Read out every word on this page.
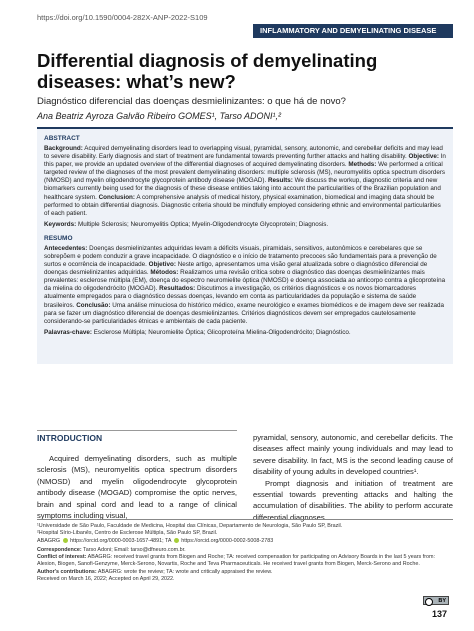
https://doi.org/10.1590/0004-282X-ANP-2022-S109
INFLAMMATORY AND DEMYELINATING DISEASE
Differential diagnosis of demyelinating diseases: what’s new?
Diagnóstico diferencial das doenças desmielinizantes: o que há de novo?
Ana Beatriz Ayroza Galvão Ribeiro GOMES¹, Tarso ADONI¹,²
ABSTRACT
Background: Acquired demyelinating disorders lead to overlapping visual, pyramidal, sensory, autonomic, and cerebellar deficits and may lead to severe disability. Early diagnosis and start of treatment are fundamental towards preventing further attacks and halting disability. Objective: In this paper, we provide an updated overview of the differential diagnoses of acquired demyelinating disorders. Methods: We performed a critical targeted review of the diagnoses of the most prevalent demyelinating disorders: multiple sclerosis (MS), neuromyelitis optica spectrum disorders (NMOSD) and myelin oligodendrocyte glycoprotein antibody disease (MOGAD). Results: We discuss the workup, diagnostic criteria and new biomarkers currently being used for the diagnosis of these disease entities taking into account the particularities of the Brazilian population and healthcare system. Conclusion: A comprehensive analysis of medical history, physical examination, biomedical and imaging data should be performed to obtain differential diagnosis. Diagnostic criteria should be mindfully employed considering ethnic and environmental particularities of each patient.
Keywords: Multiple Sclerosis; Neuromyelitis Optica; Myelin-Oligodendrocyte Glycoprotein; Diagnosis.
RESUMO
Antecedentes: Doenças desmielinizantes adquiridas levam a déficits visuais, piramidais, sensitivos, autonômicos e cerebelares que se sobrepõem e podem conduzir a grave incapacidade. O diagnóstico e o início de tratamento precoces são fundamentais para a prevenção de surtos e ocorrência de incapacidade. Objetivo: Neste artigo, apresentamos uma visão geral atualizada sobre o diagnóstico diferencial de doenças desmielinizantes adquiridas. Métodos: Realizamos uma revisão crítica sobre o diagnóstico das doenças desmielinizantes mais prevalentes: esclerose múltipla (EM), doença do espectro neuromielite óptica (NMOSD) e doença associada ao anticorpo contra a glicoproteína da mielina do oligodendrócito (MOGAD). Resultados: Discutimos a investigação, os critérios diagnósticos e os novos biomarcadores atualmente empregados para o diagnóstico dessas doenças, levando em conta as particularidades da população e sistema de saúde brasileiros. Conclusão: Uma análise minuciosa do histórico médico, exame neurológico e exames biomédicos e de imagem deve ser realizada para se fazer um diagnóstico diferencial de doenças desmielinizantes. Critérios diagnósticos devem ser empregados cautelosamente considerando-se particularidades étnicas e ambientais de cada paciente.
Palavras-chave: Esclerose Múltipla; Neuromielite Óptica; Glicoproteína Mielina-Oligodendrócito; Diagnóstico.
INTRODUCTION
Acquired demyelinating disorders, such as multiple sclerosis (MS), neuromyelitis optica spectrum disorders (NMOSD) and myelin oligodendrocyte glycoprotein antibody disease (MOGAD) compromise the optic nerves, brain and spinal cord and lead to a range of clinical symptoms including visual,
pyramidal, sensory, autonomic, and cerebellar deficits. The diseases affect mainly young individuals and may lead to severe disability. In fact, MS is the second leading cause of disability of young adults in developed countries¹.
Prompt diagnosis and initiation of treatment are essential towards preventing attacks and halting the accumulation of disabilities. The ability to perform accurate differential diagnoses
¹Universidade de São Paulo, Faculdade de Medicina, Hospital das Clínicas, Departamento de Neurologia, São Paulo SP, Brazil.
²Hospital Sírio-Libanês, Centro de Esclerose Múltipla, São Paulo SP, Brazil.
ABAGRG https://orcid.org/0000-0003-1657-4891; TA https://orcid.org/0000-0002-5008-2783
Correspondence: Tarso Adoni; Email: tarso@dfneuro.com.br.
Conflict of interest: ABAGRG: received travel grants from Biogen and Roche; TA: received compensation for participating on Advisory Boards in the last 5 years from: Alexion, Biogen, Sanofi-Genzyme, Merck-Serono, Novartis, Roche and Teva Pharmaceuticals. He received travel grants from Biogen, Merck-Serono and Roche.
Author's contributions: ABAGRG: wrote the review; TA: wrote and critically appraised the review.
Received on March 16, 2022; Accepted on April 29, 2022.
BY
137
